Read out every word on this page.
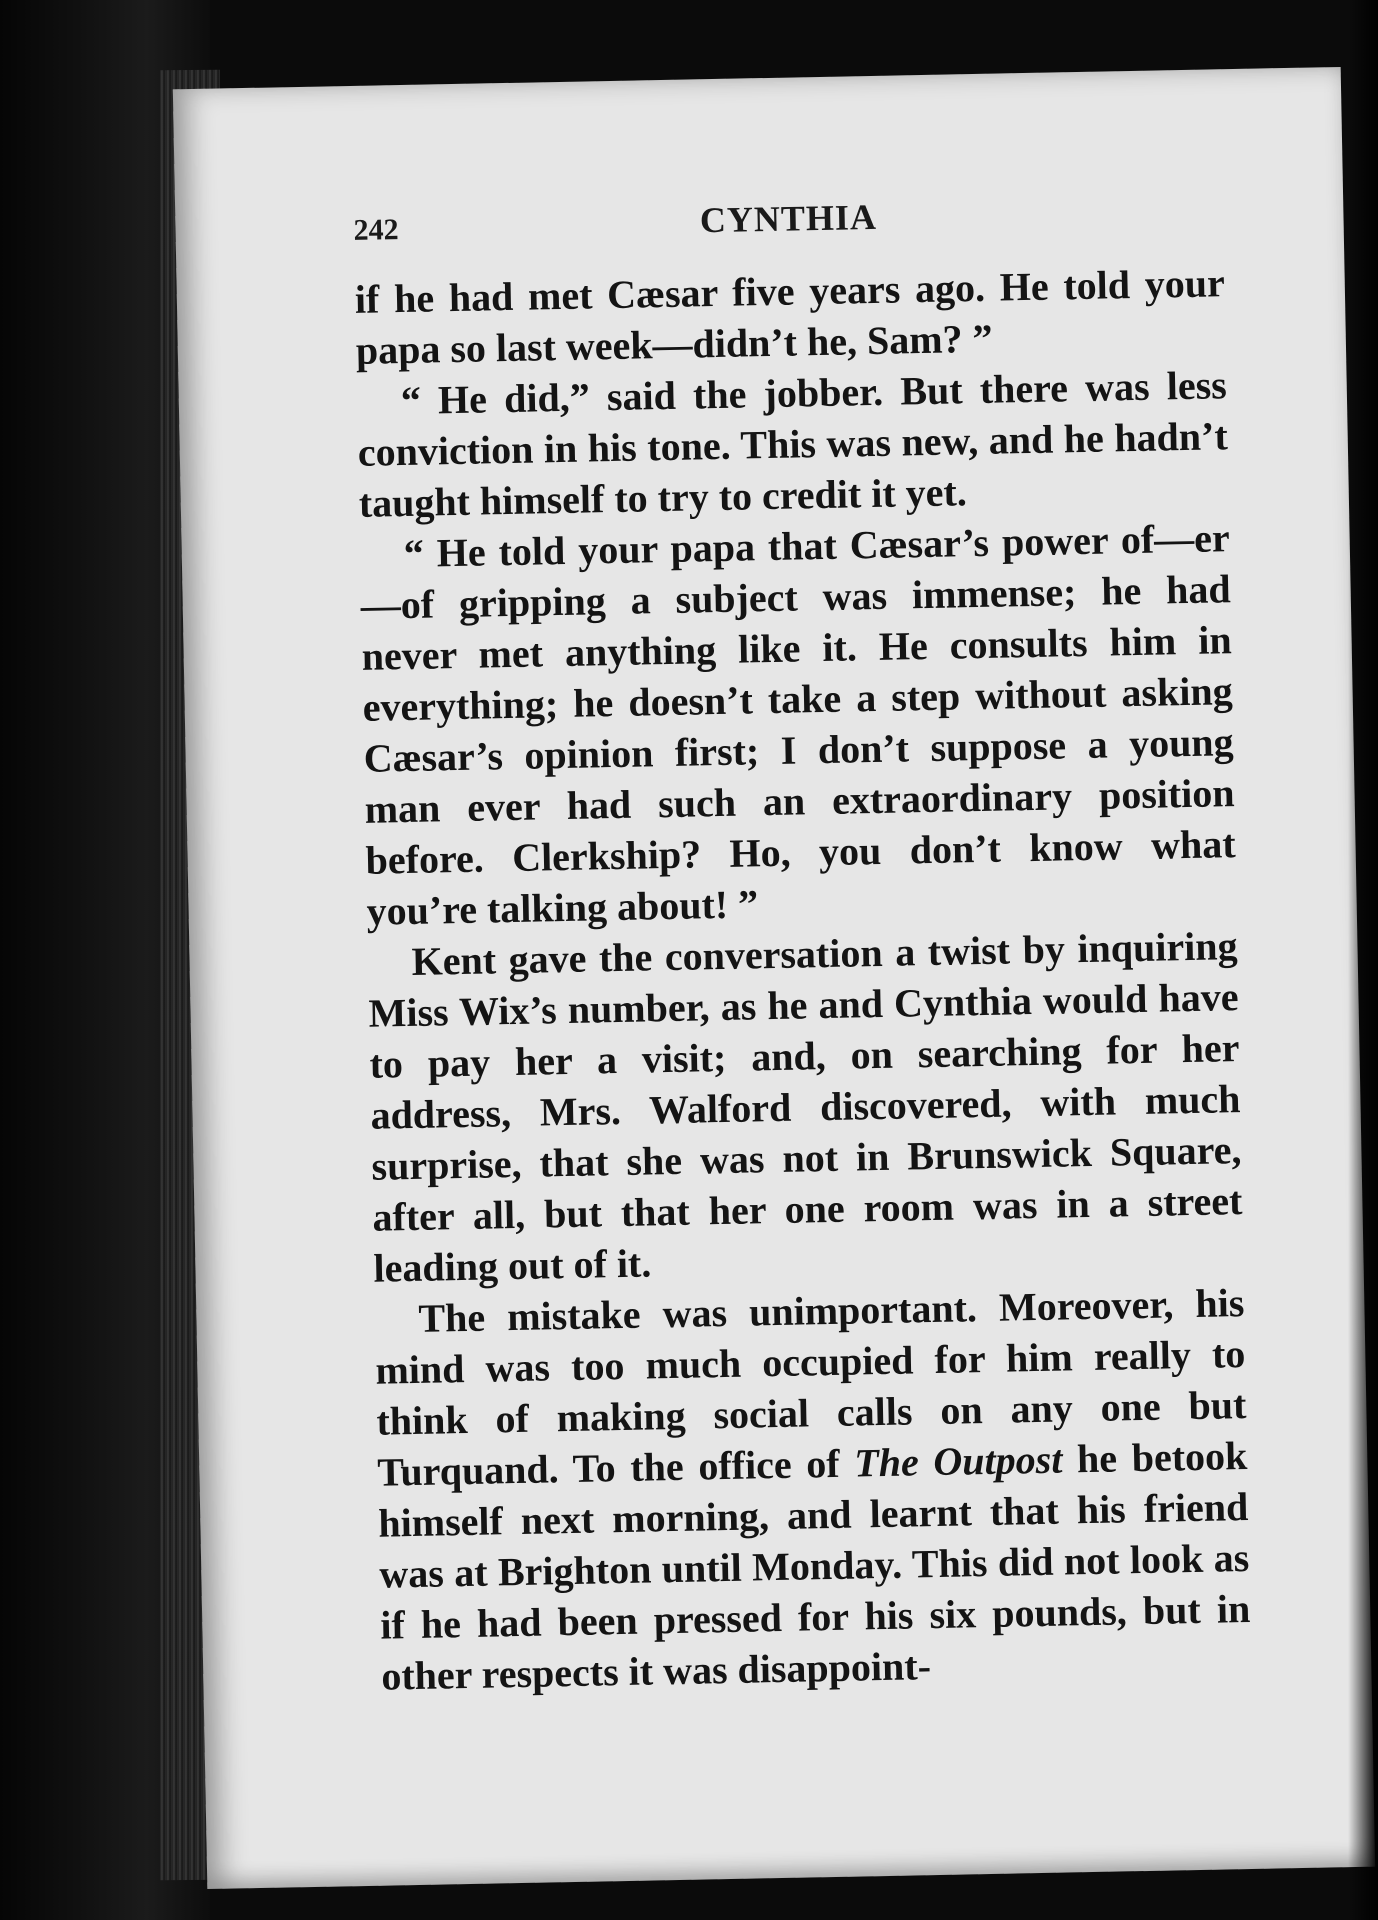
242	CYNTHIA

if he had met Cæsar five years ago. He told your papa so last week—didn’t he, Sam? ”

“ He did,” said the jobber. But there was less conviction in his tone. This was new, and he hadn’t taught himself to try to credit it yet.

“ He told your papa that Cæsar’s power of—er—of gripping a subject was immense; he had never met anything like it. He consults him in everything; he doesn’t take a step without asking Cæsar’s opinion first; I don’t suppose a young man ever had such an extraordinary position before. Clerkship? Ho, you don’t know what you’re talking about! ”

Kent gave the conversation a twist by inquiring Miss Wix’s number, as he and Cynthia would have to pay her a visit; and, on searching for her address, Mrs. Walford discovered, with much surprise, that she was not in Brunswick Square, after all, but that her one room was in a street leading out of it.

The mistake was unimportant. Moreover, his mind was too much occupied for him really to think of making social calls on any one but Turquand. To the office of The Outpost he betook himself next morning, and learnt that his friend was at Brighton until Monday. This did not look as if he had been pressed for his six pounds, but in other respects it was disappoint-
